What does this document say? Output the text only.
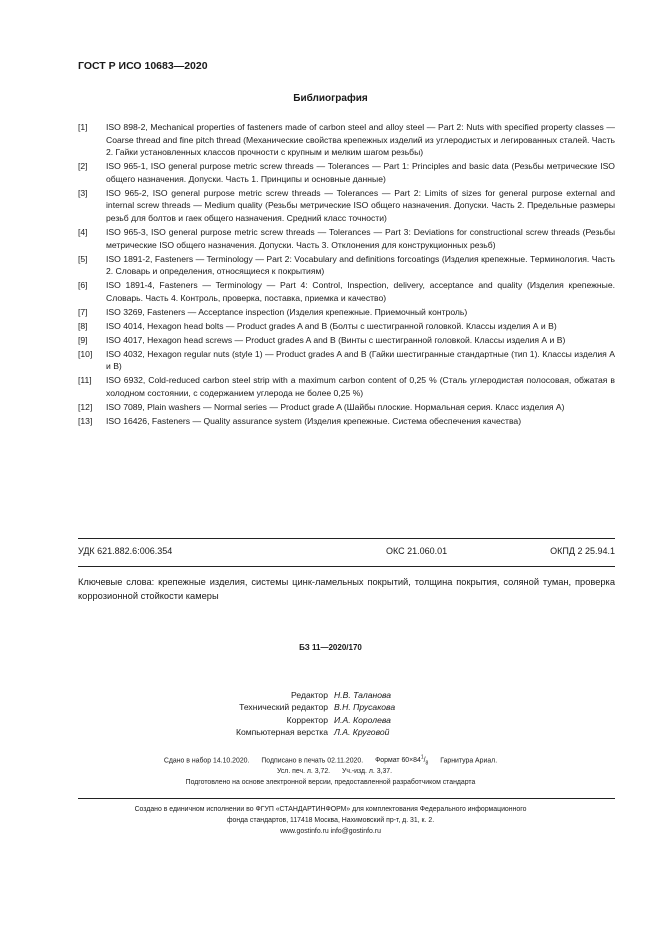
ГОСТ Р ИСО 10683—2020
Библиография
[1]	ISO 898-2, Mechanical properties of fasteners made of carbon steel and alloy steel — Part 2: Nuts with specified property classes — Coarse thread and fine pitch thread (Механические свойства крепежных изделий из углеродистых и легированных сталей. Часть 2. Гайки установленных классов прочности с крупным и мелким шагом резьбы)
[2]	ISO 965-1, ISO general purpose metric screw threads — Tolerances — Part 1: Principles and basic data (Резьбы метрические ISO общего назначения. Допуски. Часть 1. Принципы и основные данные)
[3]	ISO 965-2, ISO general purpose metric screw threads — Tolerances — Part 2: Limits of sizes for general purpose external and internal screw threads — Medium quality (Резьбы метрические ISO общего назначения. Допуски. Часть 2. Предельные размеры резьб для болтов и гаек общего назначения. Средний класс точности)
[4]	ISO 965-3, ISO general purpose metric screw threads — Tolerances — Part 3: Deviations for constructional screw threads (Резьбы метрические ISO общего назначения. Допуски. Часть 3. Отклонения для конструкционных резьб)
[5]	ISO 1891-2, Fasteners — Terminology — Part 2: Vocabulary and definitions forcoatings (Изделия крепежные. Терминология. Часть 2. Словарь и определения, относящиеся к покрытиям)
[6]	ISO 1891-4, Fasteners — Terminology — Part 4: Control, Inspection, delivery, acceptance and quality (Изделия крепежные. Словарь. Часть 4. Контроль, проверка, поставка, приемка и качество)
[7]	ISO 3269, Fasteners — Acceptance inspection (Изделия крепежные. Приемочный контроль)
[8]	ISO 4014, Hexagon head bolts — Product grades A and B (Болты с шестигранной головкой. Классы изделия А и В)
[9]	ISO 4017, Hexagon head screws — Product grades A and B (Винты с шестигранной головкой. Классы изделия А и В)
[10]	ISO 4032, Hexagon regular nuts (style 1) — Product grades A and B (Гайки шестигранные стандартные (тип 1). Классы изделия А и В)
[11]	ISO 6932, Cold-reduced carbon steel strip with a maximum carbon content of 0,25 % (Сталь углеродистая полосовая, обжатая в холодном состоянии, с содержанием углерода не более 0,25 %)
[12]	ISO 7089, Plain washers — Normal series — Product grade A (Шайбы плоские. Нормальная серия. Класс изделия А)
[13]	ISO 16426, Fasteners — Quality assurance system (Изделия крепежные. Система обеспечения качества)
УДК 621.882.6:006.354	ОКС 21.060.01	ОКПД 2 25.94.1
Ключевые слова: крепежные изделия, системы цинк-ламельных покрытий, толщина покрытия, соляной туман, проверка коррозионной стойкости камеры
БЗ 11—2020/170
Редактор Н.В. Таланова
Технический редактор В.Н. Прусакова
Корректор И.А. Королева
Компьютерная верстка Л.А. Круговой
Сдано в набор 14.10.2020. Подписано в печать 02.11.2020. Формат $60\times 84^1/_8$ Гарнитура Ариал.
Усл. печ. л. 3,72. Уч.-изд. л. 3,37.
Подготовлено на основе электронной версии, предоставленной разработчиком стандарта
Создано в единичном исполнении во ФГУП «СТАНДАРТИНФОРМ» для комплектования Федерального информационного
фонда стандартов, 117418 Москва, Нахимовский пр-т, д. 31, к. 2.
www.gostinfo.ru info@gostinfo.ru
